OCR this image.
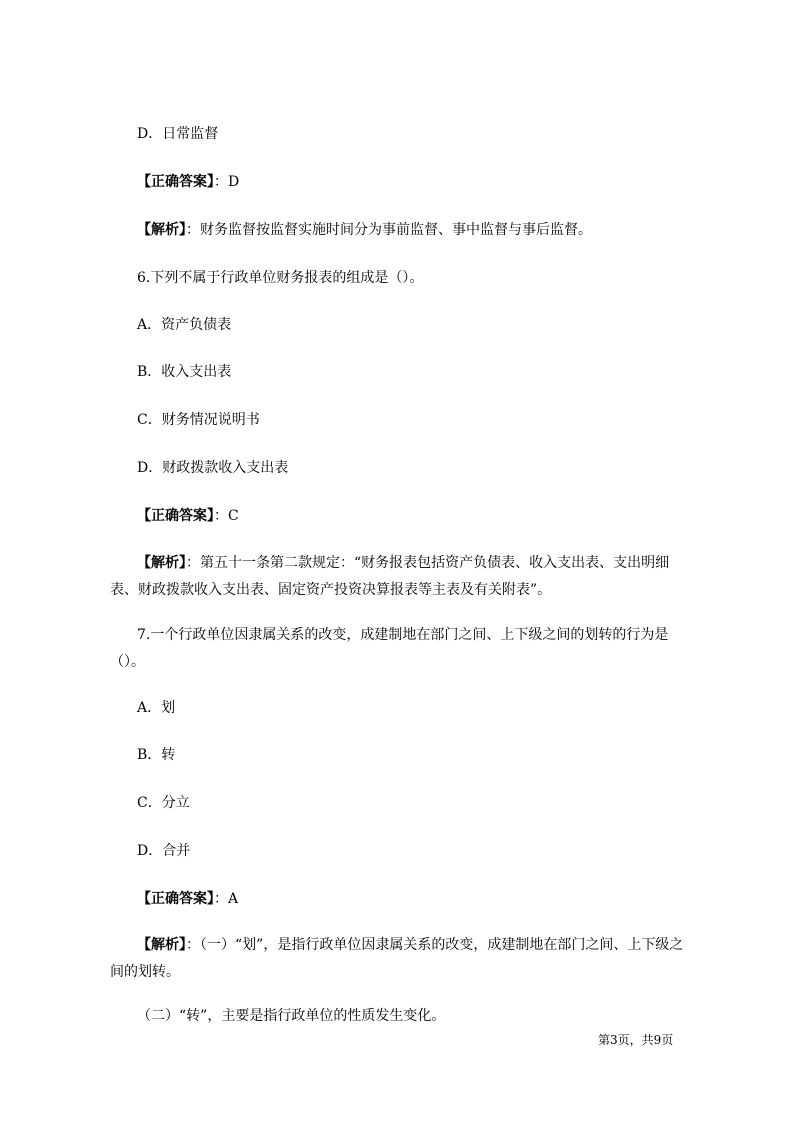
D．日常监督
【正确答案】：D
【解析】：财务监督按监督实施时间分为事前监督、事中监督与事后监督。
6.下列不属于行政单位财务报表的组成是（）。
A．资产负债表
B．收入支出表
C．财务情况说明书
D．财政拨款收入支出表
【正确答案】：C
【解析】：第五十一条第二款规定：“财务报表包括资产负债表、收入支出表、支出明细表、财政拨款收入支出表、固定资产投资决算报表等主表及有关附表”。
7.一个行政单位因隶属关系的改变，成建制地在部门之间、上下级之间的划转的行为是（）。
A．划
B．转
C．分立
D．合并
【正确答案】：A
【解析】：（一）“划”，是指行政单位因隶属关系的改变，成建制地在部门之间、上下级之间的划转。
（二）“转”，主要是指行政单位的性质发生变化。
第3页，共9页
